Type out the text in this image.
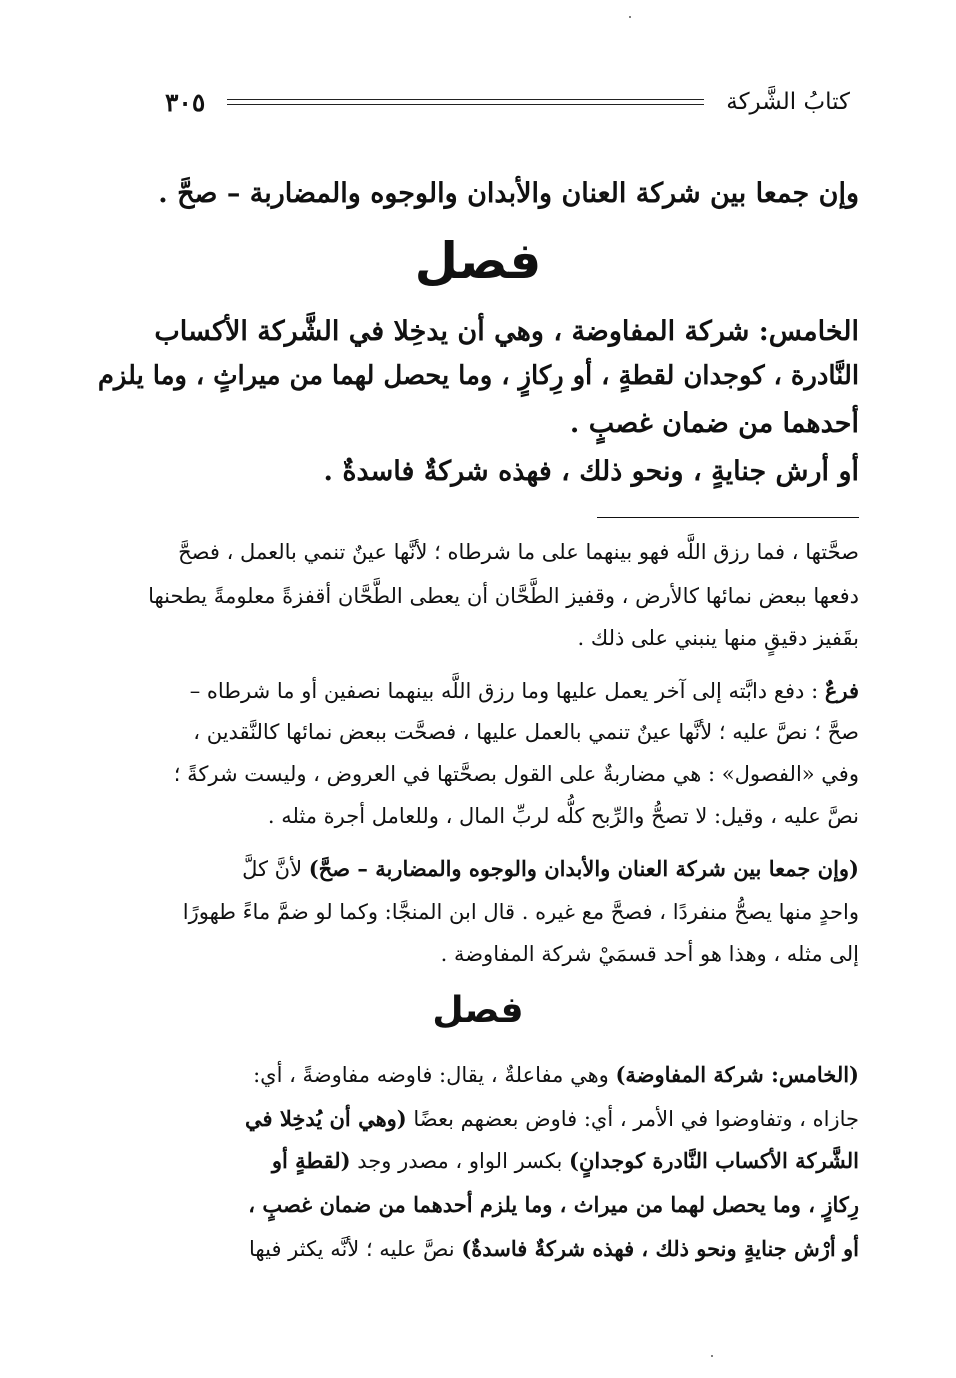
كتابُ الشَّركة
٣٠٥
وإن جمعا بين شركة العنان والأبدان والوجوه والمضاربة – صحَّ .
فصل
الخامس: شركة المفاوضة ، وهي أن يدخِلا في الشَّركة الأكساب
النَّادرة ، كوجدان لقطةٍ ، أو رِكازٍ ، وما يحصل لهما من ميراثٍ ، وما يلزم
أحدهما من ضمان غصبٍ .
أو أرش جنايةٍ ، ونحو ذلك ، فهذه شركةٌ فاسدةٌ .
صحَّتها ، فما رزق اللَّه فهو بينهما على ما شرطاه ؛ لأنَّها عينٌ تنمي بالعمل ، فصحَّ
دفعها ببعض نمائها كالأرض ، وقفيز الطَّحَّان أن يعطى الطَّحَّان أقفزةً معلومةً يطحنها
بقَفيز دقيقٍ منها ينبني على ذلك .
فرعٌ : دفع دابَّته إلى آخر يعمل عليها وما رزق اللَّه بينهما نصفين أو ما شرطاه –
صحَّ ؛ نصَّ عليه ؛ لأنَّها عينٌ تنمي بالعمل عليها ، فصحَّت ببعض نمائها كالنَّقدين ،
وفي «الفصول» : هي مضاربةٌ على القول بصحَّتها في العروض ، وليست شركةً ؛
نصَّ عليه ، وقيل: لا تصحُّ والرِّبح كلُّه لربِّ المال ، وللعامل أجرة مثله .
(وإن جمعا بين شركة العنان والأبدان والوجوه والمضاربة – صحَّ) لأنَّ كلَّ
واحدٍ منها يصحُّ منفردًا ، فصحَّ مع غيره . قال ابن المنجَّا: وكما لو ضمَّ ماءً طهورًا
إلى مثله ، وهذا هو أحد قسمَيْ شركة المفاوضة .
فصل
(الخامس: شركة المفاوضة) وهي مفاعلةٌ ، يقال: فاوضه مفاوضةً ، أي:
جازاه ، وتفاوضوا في الأمر ، أي: فاوض بعضهم بعضًا (وهي أن يُدخِلا في
الشَّركة الأكساب النَّادرة كوجدانٍ) بكسر الواو ، مصدر وجد (لقطةٍ أو
رِكازٍ ، وما يحصل لهما من ميراث ، وما يلزم أحدهما من ضمان غصبٍ ،
أو أرْش جنايةٍ ونحو ذلك ، فهذه شركةٌ فاسدةٌ) نصَّ عليه ؛ لأنَّه يكثر فيها
